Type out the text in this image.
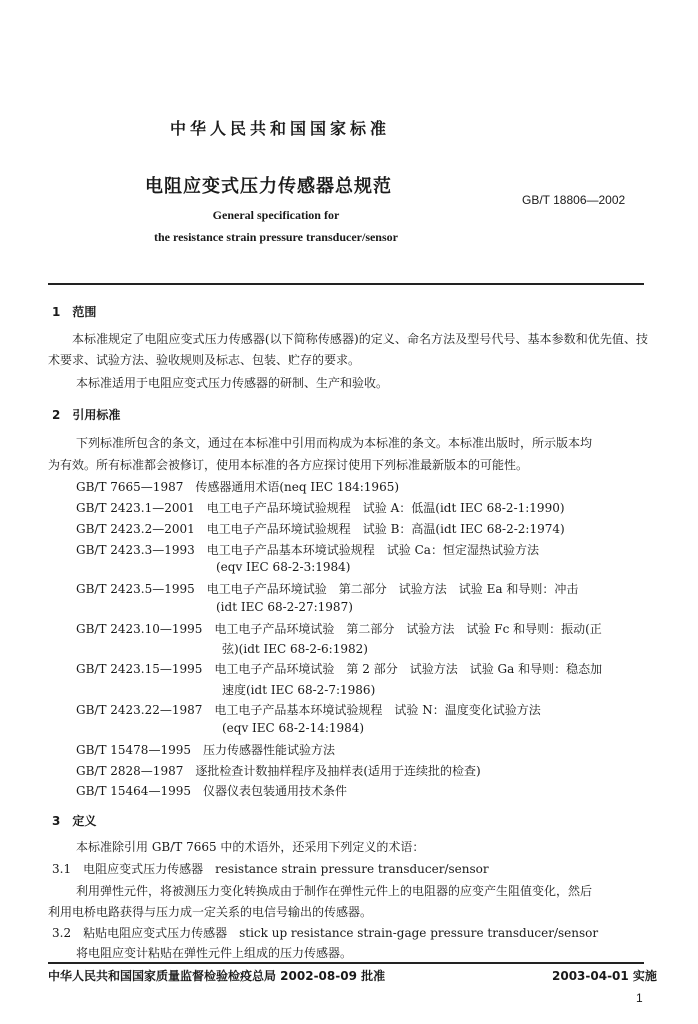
中华人民共和国国家标准
电阻应变式压力传感器总规范
GB/T 18806—2002
General specification for
the resistance strain pressure transducer/sensor
1　范围
本标准规定了电阻应变式压力传感器(以下简称传感器)的定义、命名方法及型号代号、基本参数和优先值、技术要求、试验方法、验收规则及标志、包装、贮存的要求。
本标准适用于电阻应变式压力传感器的研制、生产和验收。
2　引用标准
下列标准所包含的条文，通过在本标准中引用而构成为本标准的条文。本标准出版时，所示版本均
为有效。所有标准都会被修订，使用本标准的各方应探讨使用下列标准最新版本的可能性。
GB/T 7665—1987　传感器通用术语(neq IEC 184:1965)
GB/T 2423.1—2001　电工电子产品环境试验规程　试验 A：低温(idt IEC 68-2-1:1990)
GB/T 2423.2—2001　电工电子产品环境试验规程　试验 B：高温(idt IEC 68-2-2:1974)
GB/T 2423.3—1993　电工电子产品基本环境试验规程　试验 Ca：恒定湿热试验方法
(eqv IEC 68-2-3:1984)
GB/T 2423.5—1995　电工电子产品环境试验　第二部分　试验方法　试验 Ea 和导则：冲击
(idt IEC 68-2-27:1987)
GB/T 2423.10—1995　电工电子产品环境试验　第二部分　试验方法　试验 Fc 和导则：振动(正
弦)(idt IEC 68-2-6:1982)
GB/T 2423.15—1995　电工电子产品环境试验　第 2 部分　试验方法　试验 Ga 和导则：稳态加
速度(idt IEC 68-2-7:1986)
GB/T 2423.22—1987　电工电子产品基本环境试验规程　试验 N：温度变化试验方法
(eqv IEC 68-2-14:1984)
GB/T 15478—1995　压力传感器性能试验方法
GB/T 2828—1987　逐批检查计数抽样程序及抽样表(适用于连续批的检查)
GB/T 15464—1995　仪器仪表包装通用技术条件
3　定义
本标准除引用 GB/T 7665 中的术语外，还采用下列定义的术语：
3.1　电阻应变式压力传感器　resistance strain pressure transducer/sensor
利用弹性元件，将被测压力变化转换成由于制作在弹性元件上的电阻器的应变产生阻值变化，然后
利用电桥电路获得与压力成一定关系的电信号输出的传感器。
3.2　粘贴电阻应变式压力传感器　stick up resistance strain-gage pressure transducer/sensor
将电阻应变计粘贴在弹性元件上组成的压力传感器。
中华人民共和国国家质量监督检验检疫总局 2002-08-09 批准	2003-04-01 实施
1
